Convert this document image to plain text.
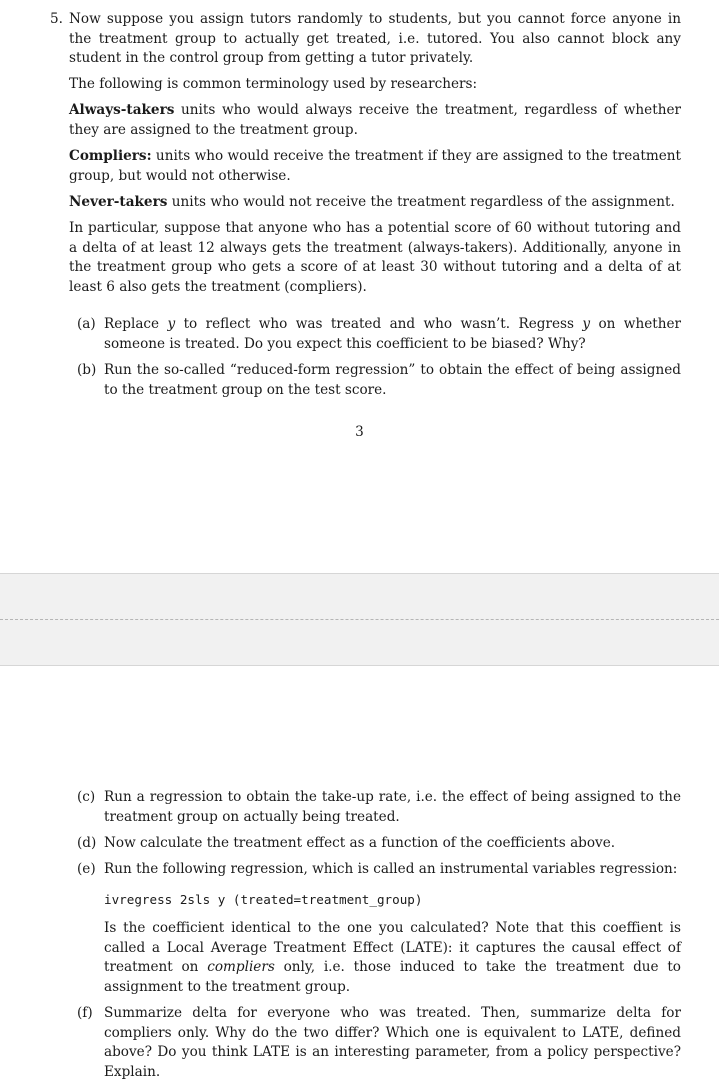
5. Now suppose you assign tutors randomly to students, but you cannot force anyone in the treatment group to actually get treated, i.e. tutored. You also cannot block any student in the control group from getting a tutor privately.
The following is common terminology used by researchers:
Always-takers units who would always receive the treatment, regardless of whether they are assigned to the treatment group.
Compliers: units who would receive the treatment if they are assigned to the treatment group, but would not otherwise.
Never-takers units who would not receive the treatment regardless of the assignment.
In particular, suppose that anyone who has a potential score of 60 without tutoring and a delta of at least 12 always gets the treatment (always-takers). Additionally, anyone in the treatment group who gets a score of at least 30 without tutoring and a delta of at least 6 also gets the treatment (compliers).
(a) Replace y to reflect who was treated and who wasn’t. Regress y on whether someone is treated. Do you expect this coefficient to be biased? Why?
(b) Run the so-called “reduced-form regression” to obtain the effect of being assigned to the treatment group on the test score.
3
(c) Run a regression to obtain the take-up rate, i.e. the effect of being assigned to the treatment group on actually being treated.
(d) Now calculate the treatment effect as a function of the coefficients above.
(e) Run the following regression, which is called an instrumental variables regression:
ivregress 2sls y (treated=treatment_group)
Is the coefficient identical to the one you calculated? Note that this coeffient is called a Local Average Treatment Effect (LATE): it captures the causal effect of treatment on compliers only, i.e. those induced to take the treatment due to assignment to the treatment group.
(f) Summarize delta for everyone who was treated. Then, summarize delta for compliers only. Why do the two differ? Which one is equivalent to LATE, defined above? Do you think LATE is an interesting parameter, from a policy perspective? Explain.
